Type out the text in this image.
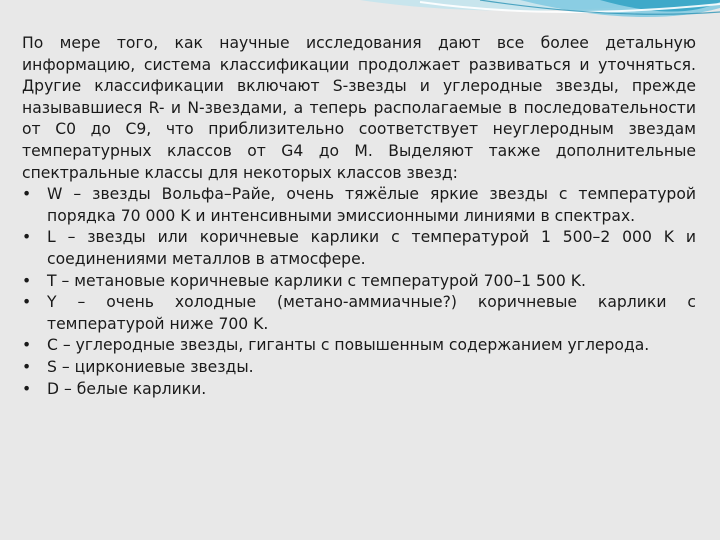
По мере того, как научные исследования дают все более детальную информацию, система классификации продолжает развиваться и уточняться. Другие классификации включают S-звезды и углеродные звезды, прежде называвшиеся R- и N-звездами, а теперь располагаемые в последовательности от C0 до C9, что приблизительно соответствует неуглеродным звездам температурных классов от G4 до M. Выделяют также дополнительные спектральные классы для некоторых классов звезд:

•	W – звезды Вольфа–Райе, очень тяжёлые яркие звезды с температурой порядка 70 000 K и интенсивными эмиссионными линиями в спектрах.
•	L – звезды или коричневые карлики с температурой 1 500–2 000 K и соединениями металлов в атмосфере.
•	T – метановые коричневые карлики с температурой 700–1 500 K.
•	Y – очень холодные (метано-аммиачные?) коричневые карлики с температурой ниже 700 K.
•	C – углеродные звезды, гиганты с повышенным содержанием углерода.
•	S – циркониевые звезды.
•	D – белые карлики.
